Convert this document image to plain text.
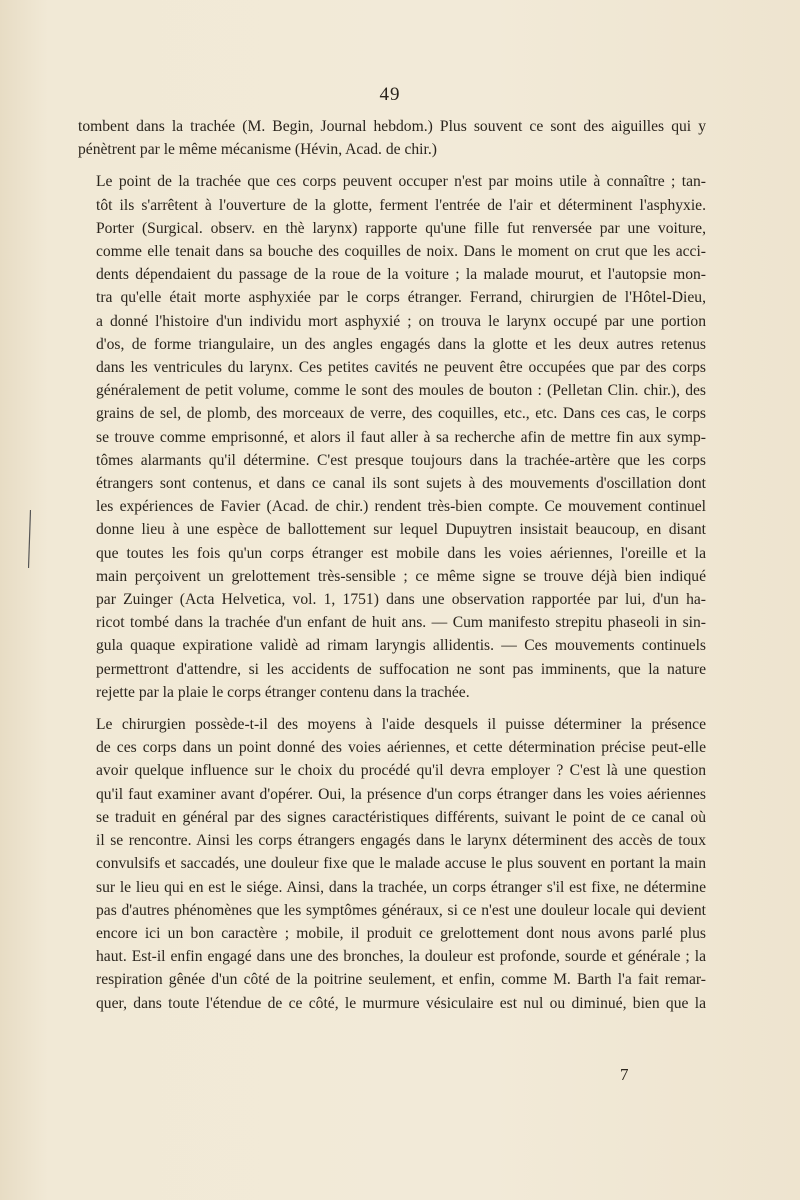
49
tombent dans la trachée (M. Begin, Journal hebdom.) Plus souvent ce sont des aiguilles qui y
pénètrent par le même mécanisme (Hévin, Acad. de chir.)
Le point de la trachée que ces corps peuvent occuper n'est par moins utile à connaître ; tan-
tôt ils s'arrêtent à l'ouverture de la glotte, ferment l'entrée de l'air et déterminent l'asphyxie.
Porter (Surgical. observ. en thè larynx) rapporte qu'une fille fut renversée par une voiture,
comme elle tenait dans sa bouche des coquilles de noix. Dans le moment on crut que les acci-
dents dépendaient du passage de la roue de la voiture ; la malade mourut, et l'autopsie mon-
tra qu'elle était morte asphyxiée par le corps étranger. Ferrand, chirurgien de l'Hôtel-Dieu,
a donné l'histoire d'un individu mort asphyxié ; on trouva le larynx occupé par une portion
d'os, de forme triangulaire, un des angles engagés dans la glotte et les deux autres retenus
dans les ventricules du larynx. Ces petites cavités ne peuvent être occupées que par des corps
généralement de petit volume, comme le sont des moules de bouton : (Pelletan Clin. chir.), des
grains de sel, de plomb, des morceaux de verre, des coquilles, etc., etc. Dans ces cas, le corps
se trouve comme emprisonné, et alors il faut aller à sa recherche afin de mettre fin aux symp-
tômes alarmants qu'il détermine. C'est presque toujours dans la trachée-artère que les corps
étrangers sont contenus, et dans ce canal ils sont sujets à des mouvements d'oscillation dont
les expériences de Favier (Acad. de chir.) rendent très-bien compte. Ce mouvement continuel
donne lieu à une espèce de ballottement sur lequel Dupuytren insistait beaucoup, en disant
que toutes les fois qu'un corps étranger est mobile dans les voies aériennes, l'oreille et la
main perçoivent un grelottement très-sensible ; ce même signe se trouve déjà bien indiqué
par Zuinger (Acta Helvetica, vol. 1, 1751) dans une observation rapportée par lui, d'un ha-
ricot tombé dans la trachée d'un enfant de huit ans. — Cum manifesto strepitu phaseoli in sin-
gula quaque expiratione validè ad rimam laryngis allidentis. — Ces mouvements continuels
permettront d'attendre, si les accidents de suffocation ne sont pas imminents, que la nature
rejette par la plaie le corps étranger contenu dans la trachée.
Le chirurgien possède-t-il des moyens à l'aide desquels il puisse déterminer la présence
de ces corps dans un point donné des voies aériennes, et cette détermination précise peut-elle
avoir quelque influence sur le choix du procédé qu'il devra employer ? C'est là une question
qu'il faut examiner avant d'opérer. Oui, la présence d'un corps étranger dans les voies aériennes
se traduit en général par des signes caractéristiques différents, suivant le point de ce canal où
il se rencontre. Ainsi les corps étrangers engagés dans le larynx déterminent des accès de toux
convulsifs et saccadés, une douleur fixe que le malade accuse le plus souvent en portant la main
sur le lieu qui en est le siége. Ainsi, dans la trachée, un corps étranger s'il est fixe, ne détermine
pas d'autres phénomènes que les symptômes généraux, si ce n'est une douleur locale qui devient
encore ici un bon caractère ; mobile, il produit ce grelottement dont nous avons parlé plus
haut. Est-il enfin engagé dans une des bronches, la douleur est profonde, sourde et générale ; la
respiration gênée d'un côté de la poitrine seulement, et enfin, comme M. Barth l'a fait remar-
quer, dans toute l'étendue de ce côté, le murmure vésiculaire est nul ou diminué, bien que la
7
